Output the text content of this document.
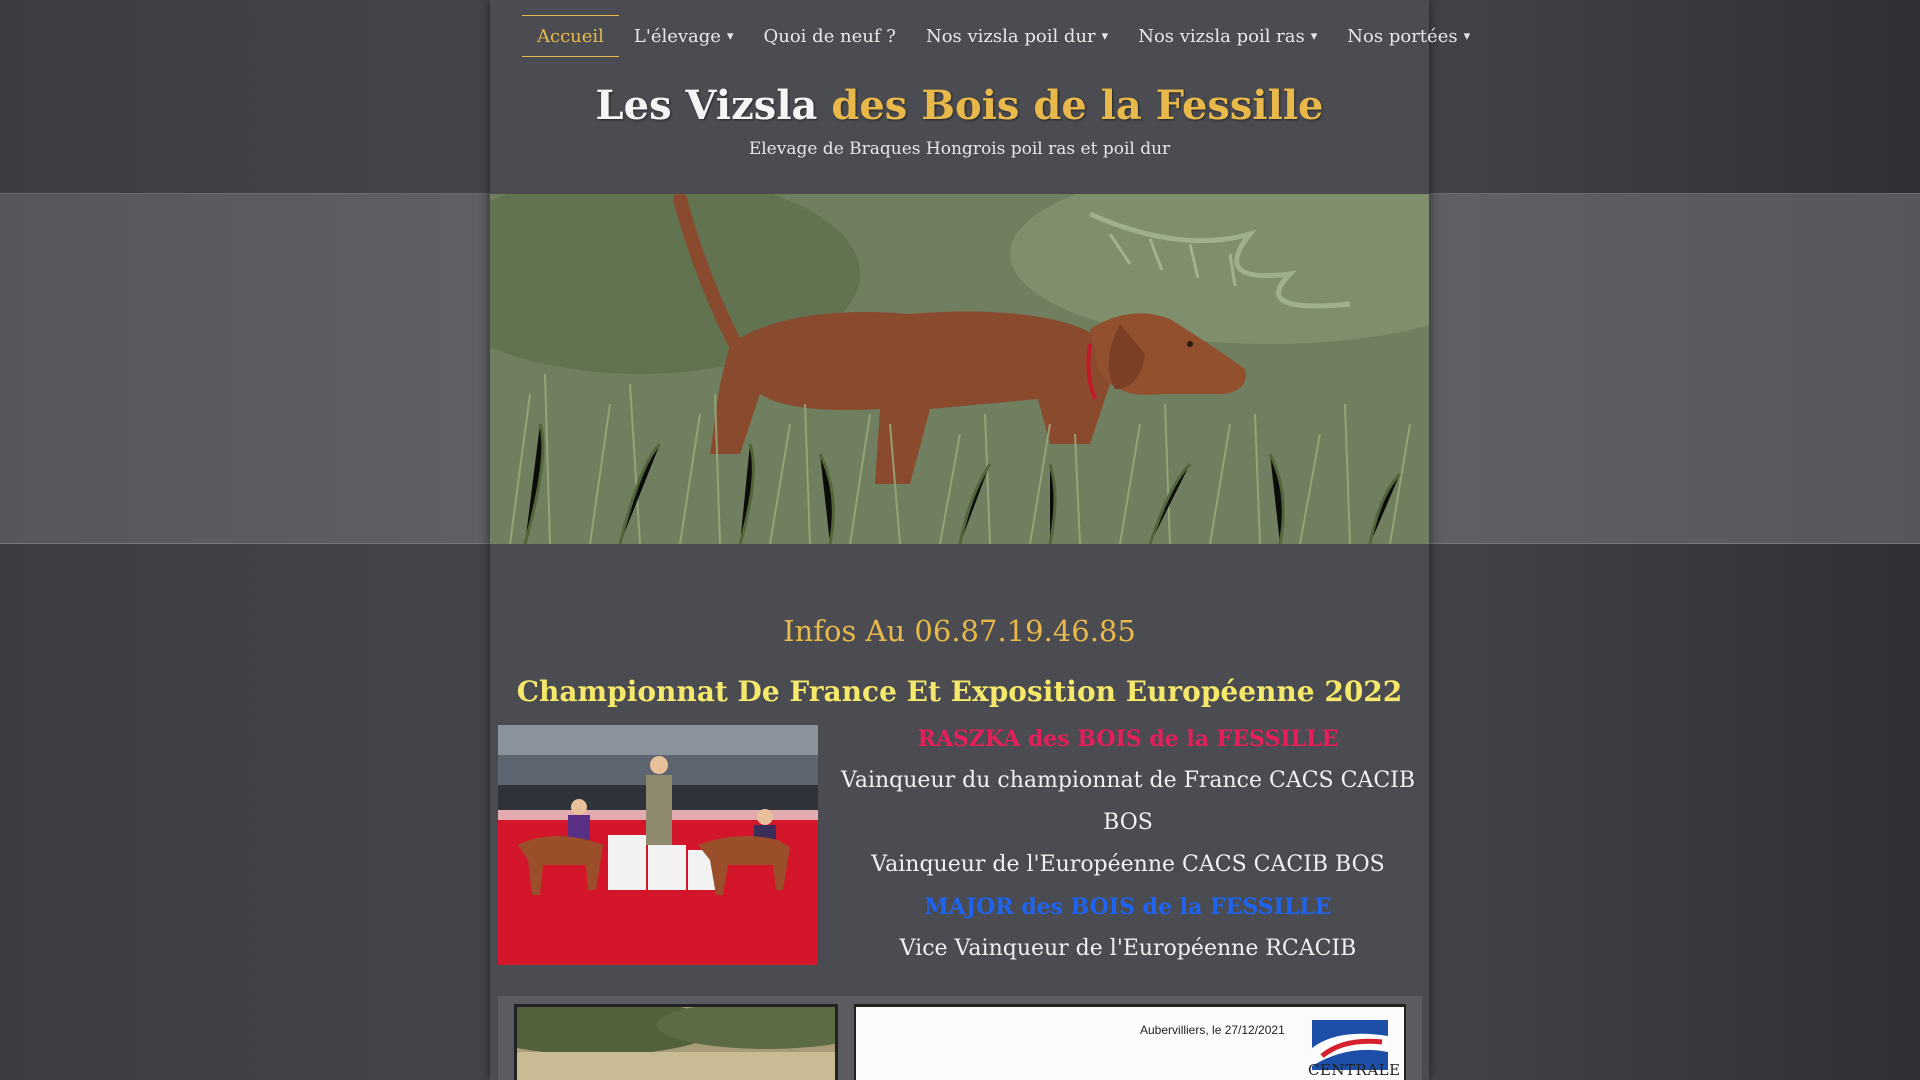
Accueil L'élevage ▾ Quoi de neuf ? Nos vizsla poil dur ▾ Nos vizsla poil ras ▾ Nos portées ▾
Les Vizsla des Bois de la Fessille
Elevage de Braques Hongrois poil ras et poil dur
Infos Au 06.87.19.46.85
Championnat De France Et Exposition Européenne 2022

RASZKA des BOIS de la FESSILLE

Vainqueur du championnat de France CACS CACIB BOS

Vainqueur de l'Européenne CACS CACIB BOS

MAJOR des BOIS de la FESSILLE

Vice Vainqueur de l'Européenne RCACIB

Aubervilliers, le 27/12/2021
CENTRALE
